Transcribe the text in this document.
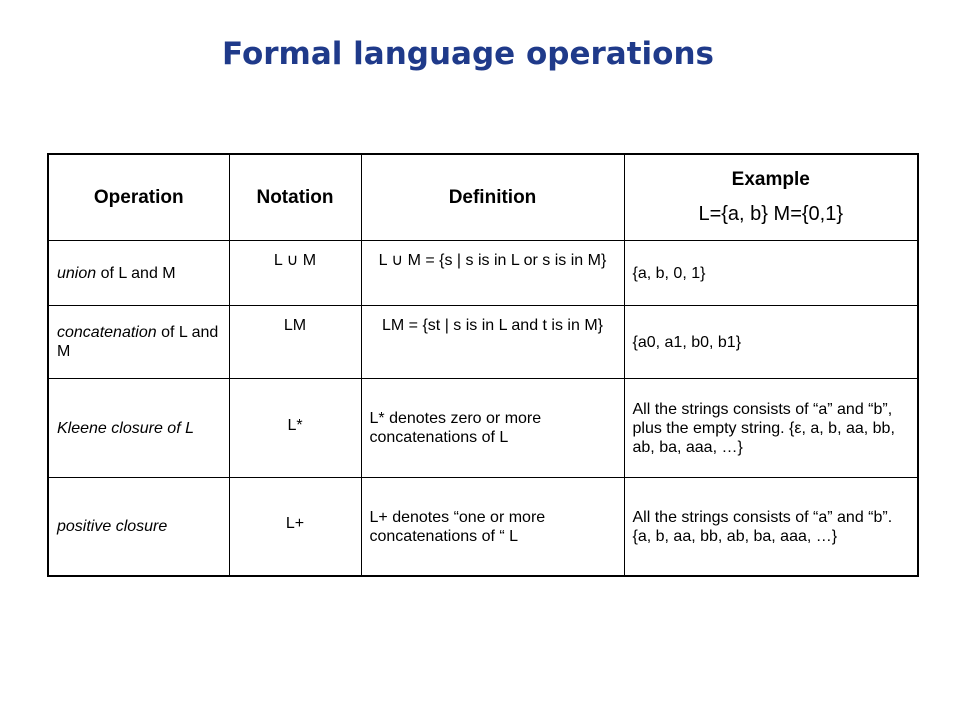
Formal language operations
Operation	Notation	Definition	Example
L={a, b} M={0,1}

union of L and M	L ∪ M	L ∪ M = {s | s is in L or s is in M}	{a, b, 0, 1}
concatenation of L and M	LM	LM = {st | s is in L and t is in M}	{a0, a1, b0, b1}
Kleene closure of L	L*	L* denotes zero or more concatenations of L	All the strings consists of “a” and “b”, plus the empty string. {ε, a, b, aa, bb, ab, ba, aaa, …}
positive closure	L+	L+ denotes “one or more concatenations of “ L	All the strings consists of “a” and “b”. {a, b, aa, bb, ab, ba, aaa, …}
